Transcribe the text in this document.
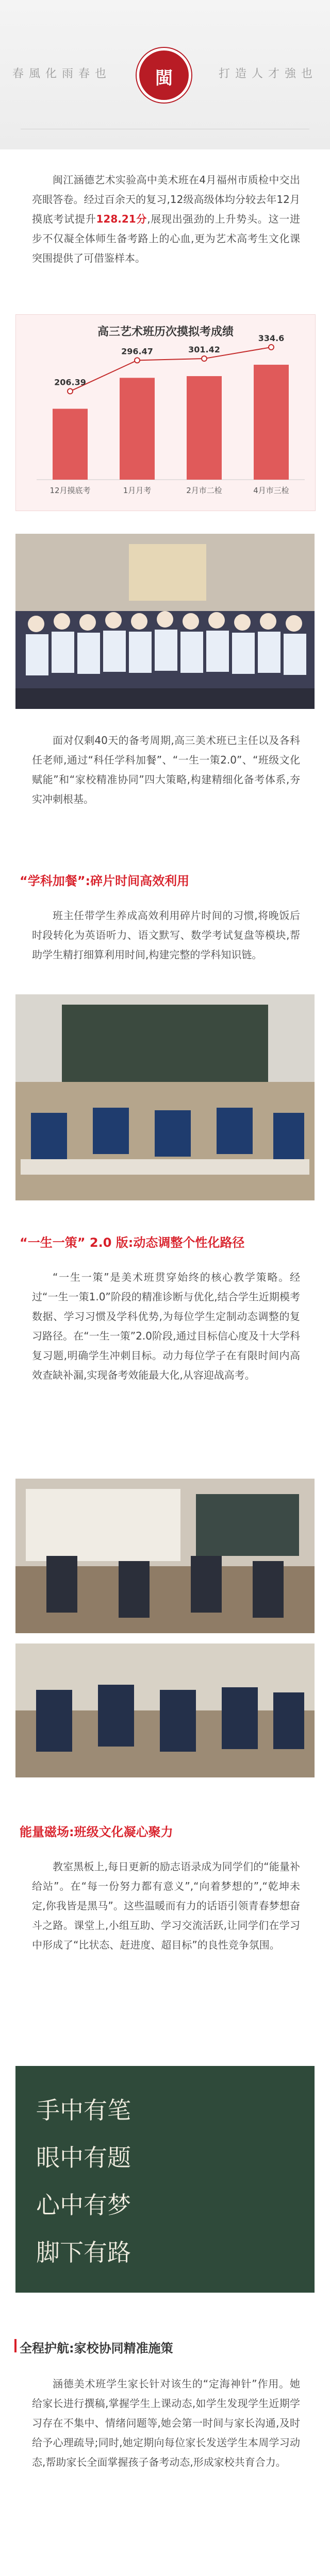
春風化雨春也	閩	打造人才強也
闽江涵德艺术实验高中美术班在4月福州市质检中交出亮眼答卷。经过百余天的复习,12级高级体均分较去年12月摸底考试提升128.21分,展现出强劲的上升势头。这一进步不仅凝全体师生备考路上的心血,更为艺术高考生文化课突围提供了可借鉴样本。
高三艺术班历次摸拟考成绩
12月摸底考	1月月考	2月市二检	4月市三检
206.39
296.47	301.42
334.6
面对仅剩40天的备考周期,高三美术班已主任以及各科任老师,通过“科任学科加餐”、“一生一策2.0”、“班级文化赋能”和“家校精准协同”四大策略,构建精细化备考体系,夯实冲刺根基。
“学科加餐”:碎片时间高效利用
班主任带学生养成高效利用碎片时间的习惯,将晚饭后时段转化为英语听力、语文默写、数学考试复盘等模块,帮助学生精打细算利用时间,构建完整的学科知识链。
“一生一策” 2.0 版:动态调整个性化路径
“一生一策”是美术班贯穿始终的核心教学策略。经过“一生一策1.0”阶段的精准诊断与优化,结合学生近期模考数据、学习习惯及学科优势,为每位学生定制动态调整的复习路径。在“一生一策”2.0阶段,通过目标信心度及十大学科复习题,明确学生冲刺目标。动力每位学子在有限时间内高效查缺补漏,实现备考效能最大化,从容迎战高考。
能量磁场:班级文化凝心聚力
教室黑板上,每日更新的励志语录成为同学们的“能量补给站”。在“每一份努力都有意义”,“向着梦想的”,“乾坤未定,你我皆是黑马”。这些温暖而有力的话语引领青春梦想奋斗之路。课堂上,小组互助、学习交流活跃,让同学们在学习中形成了“比状态、赶进度、超目标”的良性竞争氛围。
手中有笔
眼中有题
心中有梦
脚下有路
全程护航:家校协同精准施策
涵德美术班学生家长针对该生的“定海神针”作用。她给家长进行撰稿,掌握学生上课动态,如学生发现学生近期学习存在不集中、情绪问题等,她会第一时间与家长沟通,及时给予心理疏导;同时,她定期向每位家长发送学生本周学习动态,帮助家长全面掌握孩子备考动态,形成家校共育合力。
